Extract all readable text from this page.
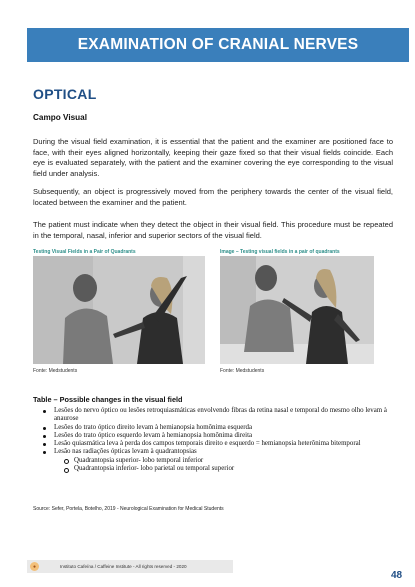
EXAMINATION OF CRANIAL NERVES
OPTICAL
Campo Visual

During the visual field examination, it is essential that the patient and the examiner are positioned face to face, with their eyes aligned horizontally, keeping their gaze fixed so that their visual fields coincide. Each eye is evaluated separately, with the patient and the examiner covering the eye corresponding to the visual field under analysis.

Subsequently, an object is progressively moved from the periphery towards the center of the visual field, located between the examiner and the patient.

The patient must indicate when they detect the object in their visual field. This procedure must be repeated in the temporal, nasal, inferior and superior sectors of the visual field.

Testing Visual Fields in a Pair of Quadrants	Image – Testing visual fields in a pair of quadrants
Fonte: Medstudents	Fonte: Medstudents
Table – Possible changes in the visual field
Lesões do nervo óptico ou lesões retroquiasmáticas envolvendo fibras da retina nasal e temporal do mesmo olho levam à anaurose
Lesões do trato óptico direito levam à hemianopsia homônima esquerda
Lesões do trato óptico esquerdo levam à hemianopsia homônima direita
Lesão quiasmática leva à perda dos campos temporais direito e esquerdo = hemianopsia heterônima bitemporal
Lesão nas radiações ópticas levam à quadrantopsias
Quadrantopsia superior- lobo temporal inferior
Quadrantopsia inferior- lobo parietal ou temporal superior
Source: Sefer, Portela, Botelho, 2019 - Neurological Examination for Medical Students
●	Instituto Cafeína / Caffeine Institute - All rights reserved - 2020
48
